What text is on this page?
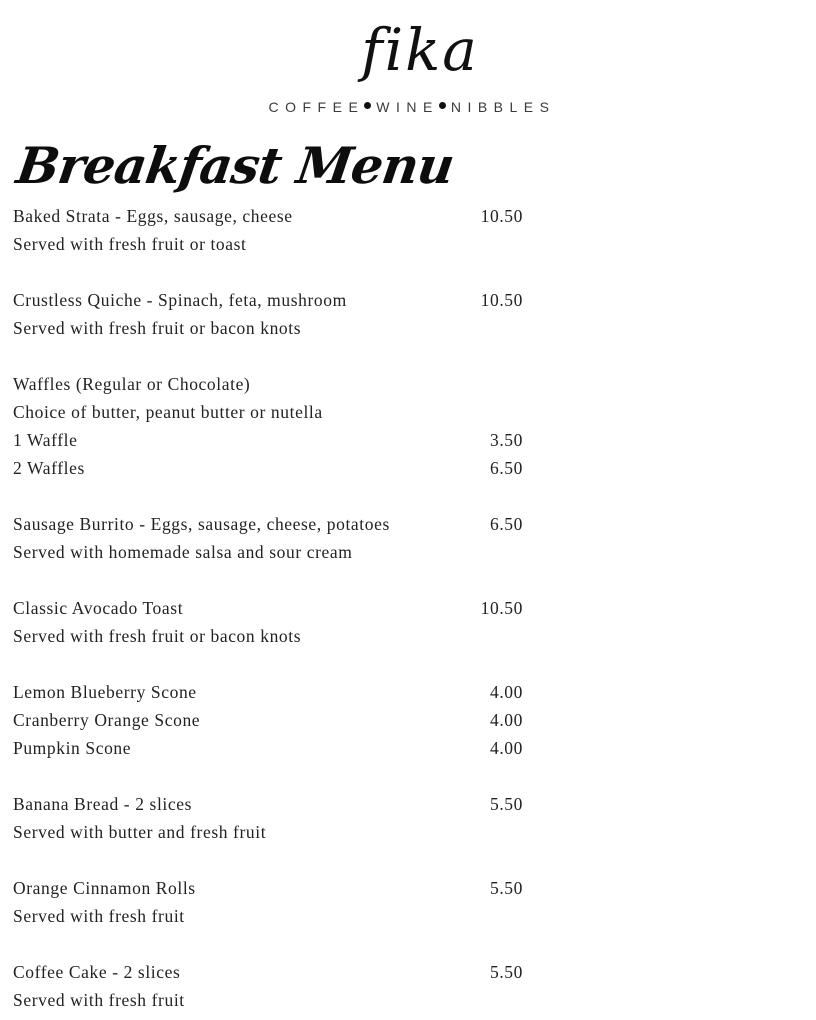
fika
COFFEE WINE NIBBLES
Breakfast Menu
Baked Strata - Eggs, sausage, cheese	10.50
Served with fresh fruit or toast
Crustless Quiche - Spinach, feta, mushroom	10.50
Served with fresh fruit or bacon knots
Waffles (Regular or Chocolate)
Choice of butter, peanut butter or nutella
1 Waffle	3.50
2 Waffles	6.50
Sausage Burrito - Eggs, sausage, cheese, potatoes	6.50
Served with homemade salsa and sour cream
Classic Avocado Toast	10.50
Served with fresh fruit or bacon knots
Lemon Blueberry Scone	4.00
Cranberry Orange Scone	4.00
Pumpkin Scone	4.00
Banana Bread - 2 slices	5.50
Served with butter and fresh fruit
Orange Cinnamon Rolls	5.50
Served with fresh fruit
Coffee Cake - 2 slices	5.50
Served with fresh fruit
